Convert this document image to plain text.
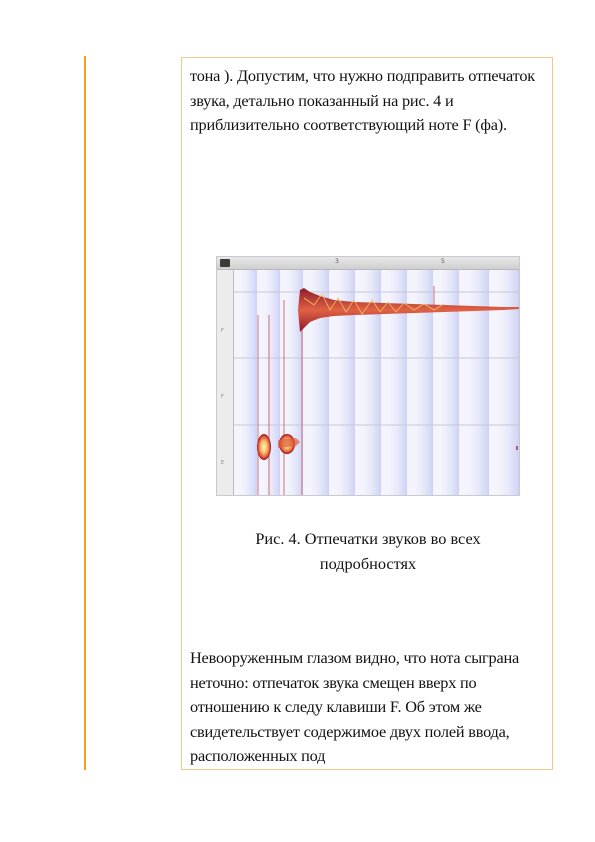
тона ). Допустим, что нужно подправить отпечаток звука, детально показанный на рис. 4 и приблизительно соответствующий ноте F (фа).

3	5
F
F
E
Рис. 4. Отпечатки звуков во всех
подробностях

Невооруженным глазом видно, что нота сыграна неточно: отпечаток звука смещен вверх по отношению к следу клавиши F. Об этом же свидетельствует содержимое двух полей ввода, расположенных под
